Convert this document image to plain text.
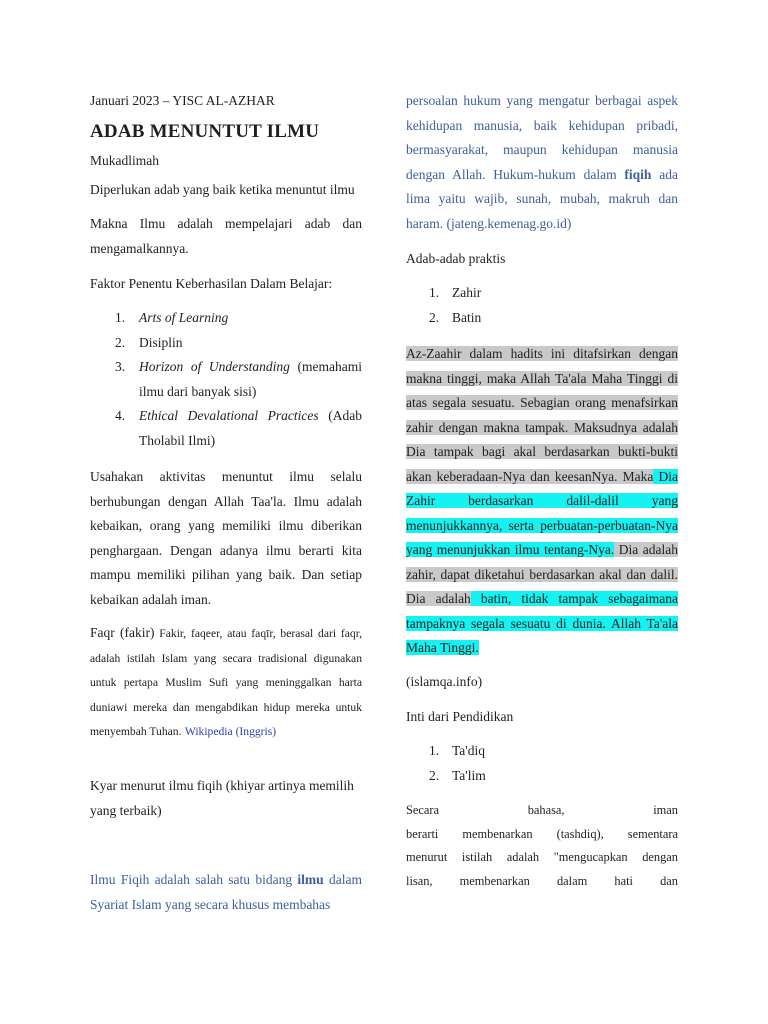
Januari 2023 – YISC AL-AZHAR

ADAB MENUNTUT ILMU

Mukadlimah

Diperlukan adab yang baik ketika menuntut ilmu

Makna Ilmu adalah mempelajari adab dan mengamalkannya.

Faktor Penentu Keberhasilan Dalam Belajar:

1. Arts of Learning
2. Disiplin
3. Horizon of Understanding (memahami ilmu dari banyak sisi)
4. Ethical Devalational Practices (Adab Tholabil Ilmi)

Usahakan aktivitas menuntut ilmu selalu berhubungan dengan Allah Taa'la. Ilmu adalah kebaikan, orang yang memiliki ilmu diberikan penghargaan. Dengan adanya ilmu berarti kita mampu memiliki pilihan yang baik. Dan setiap kebaikan adalah iman.

Faqr (fakir) Fakir, faqeer, atau faqīr, berasal dari faqr, adalah istilah Islam yang secara tradisional digunakan untuk pertapa Muslim Sufi yang meninggalkan harta duniawi mereka dan mengabdikan hidup mereka untuk menyembah Tuhan. Wikipedia (Inggris)

Kyar menurut ilmu fiqih (khiyar artinya memilih yang terbaik)

Ilmu Fiqih adalah salah satu bidang ilmu dalam Syariat Islam yang secara khusus membahas

persoalan hukum yang mengatur berbagai aspek kehidupan manusia, baik kehidupan pribadi, bermasyarakat, maupun kehidupan manusia dengan Allah. Hukum-hukum dalam fiqih ada lima yaitu wajib, sunah, mubah, makruh dan haram. (jateng.kemenag.go.id)

Adab-adab praktis

1. Zahir
2. Batin

Az-Zaahir dalam hadits ini ditafsirkan dengan makna tinggi, maka Allah Ta'ala Maha Tinggi di atas segala sesuatu. Sebagian orang menafsirkan zahir dengan makna tampak. Maksudnya adalah Dia tampak bagi akal berdasarkan bukti-bukti akan keberadaan-Nya dan keesanNya. Maka Dia Zahir berdasarkan dalil-dalil yang menunjukkannya, serta perbuatan-perbuatan-Nya yang menunjukkan ilmu tentang-Nya. Dia adalah zahir, dapat diketahui berdasarkan akal dan dalil. Dia adalah batin, tidak tampak sebagaimana tampaknya segala sesuatu di dunia. Allah Ta'ala Maha Tinggi.

(islamqa.info)

Inti dari Pendidikan

1. Ta'diq
2. Ta'lim
Secara bahasa, iman
berarti membenarkan (tashdiq), sementara
menurut istilah adalah "mengucapkan dengan
lisan, membenarkan dalam hati dan
